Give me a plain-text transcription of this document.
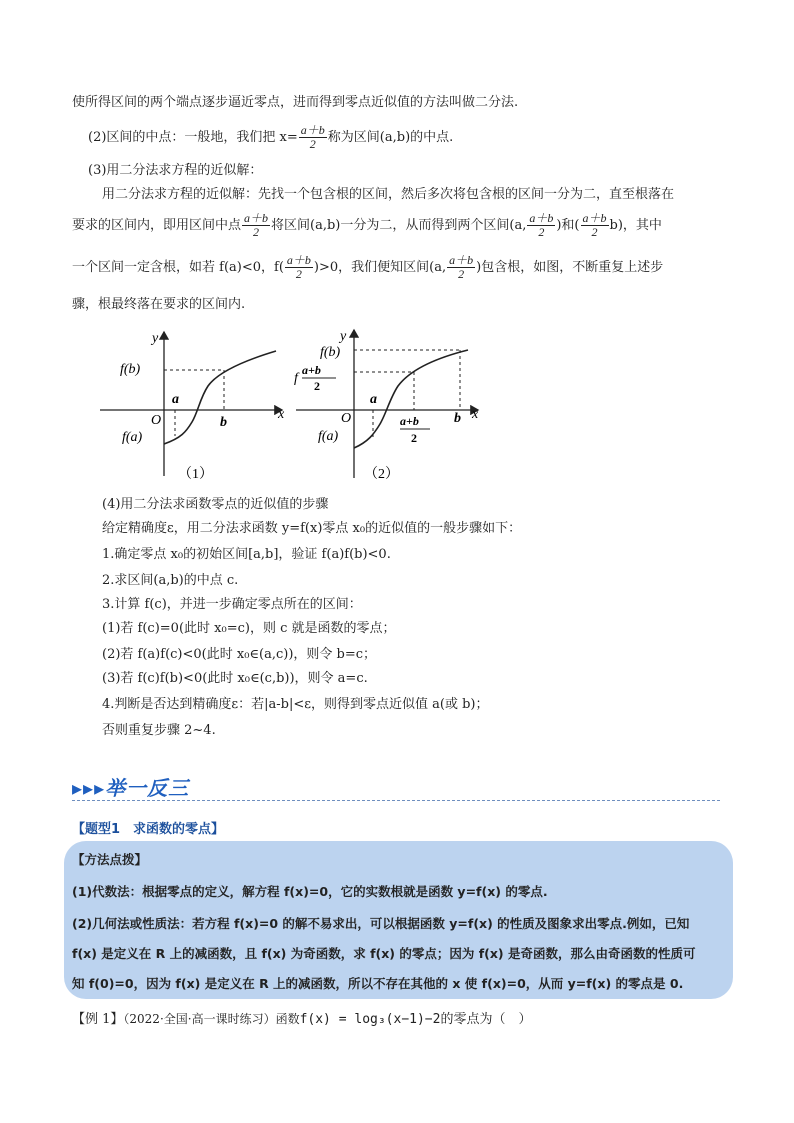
使所得区间的两个端点逐步逼近零点，进而得到零点近似值的方法叫做二分法.
(2)区间的中点：一般地，我们把 $x= \frac{a+b}{2}$ 称为区间(a,b)的中点.
(3)用二分法求方程的近似解：
用二分法求方程的近似解：先找一个包含根的区间，然后多次将包含根的区间一分为二，直至根落在
要求的区间内，即用区间中点 $\frac{a+b}{2}$ 将区间(a,b)一分为二，从而得到两个区间(a, $\frac{a+b}{2}$ )和( $\frac{a+b}{2} b$)，其中
一个区间一定含根，如若 f(a)<0，$f( \frac{a+b}{2} )>0$，我们便知区间(a, $\frac{a+b}{2}$ )包含根，如图，不断重复上述步
骤，根最终落在要求的区间内.
f(b)
f(a)
y
x
O
a
b
（1）
f(b)
f
a+b
2
f(a)
y
x
O
a
b
a+b
2
（2）
(4)用二分法求函数零点的近似值的步骤
给定精确度ε，用二分法求函数 y=f(x)零点 x₀的近似值的一般步骤如下：
1.确定零点 x₀的初始区间[a,b]，验证 f(a)f(b)<0.
2.求区间(a,b)的中点 c.
3.计算 f(c)，并进一步确定零点所在的区间：
(1)若 f(c)=0(此时 x₀=c)，则 c 就是函数的零点；
(2)若 f(a)f(c)<0(此时 x₀∈(a,c))，则令 b=c；
(3)若 f(c)f(b)<0(此时 x₀∈(c,b))，则令 a=c.
4.判断是否达到精确度ε：若|a-b|<ε，则得到零点近似值 a(或 b)；
否则重复步骤 2~4.
▸▸▸举一反三
【题型1　求函数的零点】
【方法点拨】
(1)代数法：根据零点的定义，解方程 f(x)=0，它的实数根就是函数 y=f(x) 的零点.
(2)几何法或性质法：若方程 f(x)=0 的解不易求出，可以根据函数 y=f(x) 的性质及图象求出零点.例如，已知
f(x) 是定义在 R 上的减函数，且 f(x) 为奇函数，求 f(x) 的零点；因为 f(x) 是奇函数，那么由奇函数的性质可
知 f(0)=0，因为 f(x) 是定义在 R 上的减函数，所以不存在其他的 x 使 f(x)=0，从而 y=f(x) 的零点是 0.
【例 1】（2022·全国·高一课时练习）函数f(x) = log₃(x−1)−2的零点为（　）
